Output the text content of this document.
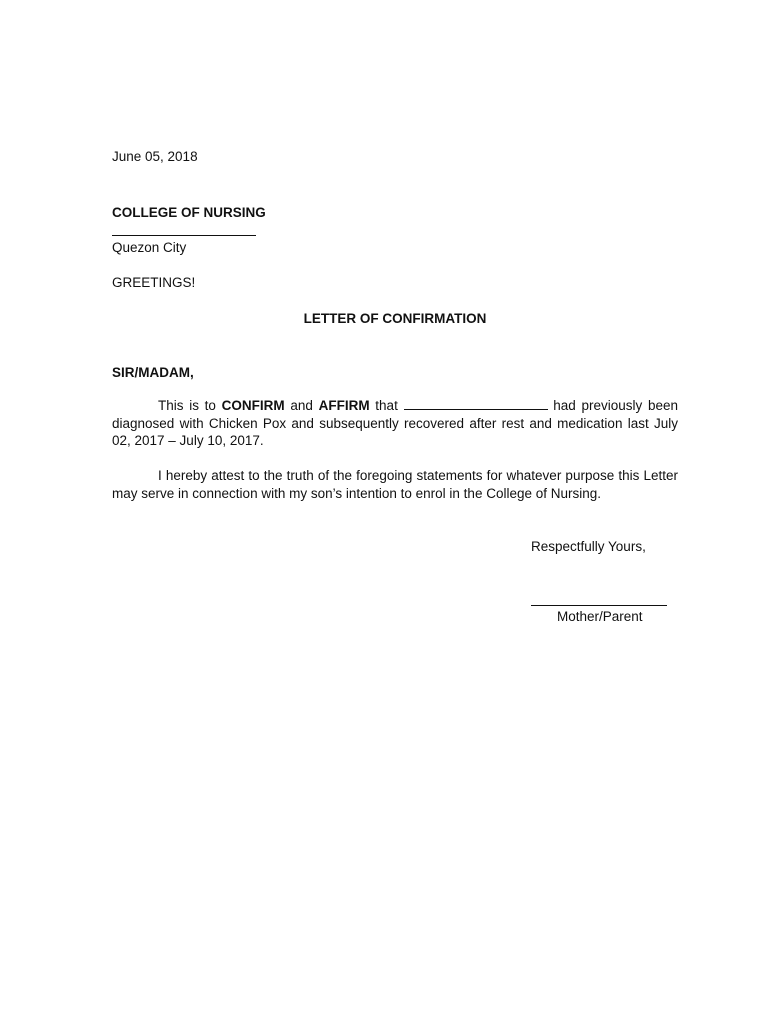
June 05, 2018
COLLEGE OF NURSING
Quezon City
GREETINGS!
LETTER OF CONFIRMATION
SIR/MADAM,
This is to CONFIRM and AFFIRM that	had previously been diagnosed with Chicken Pox and subsequently recovered after rest and medication last July 02, 2017 – July 10, 2017.
I hereby attest to the truth of the foregoing statements for whatever purpose this Letter may serve in connection with my son’s intention to enrol in the College of Nursing.
Respectfully Yours,
Mother/Parent
